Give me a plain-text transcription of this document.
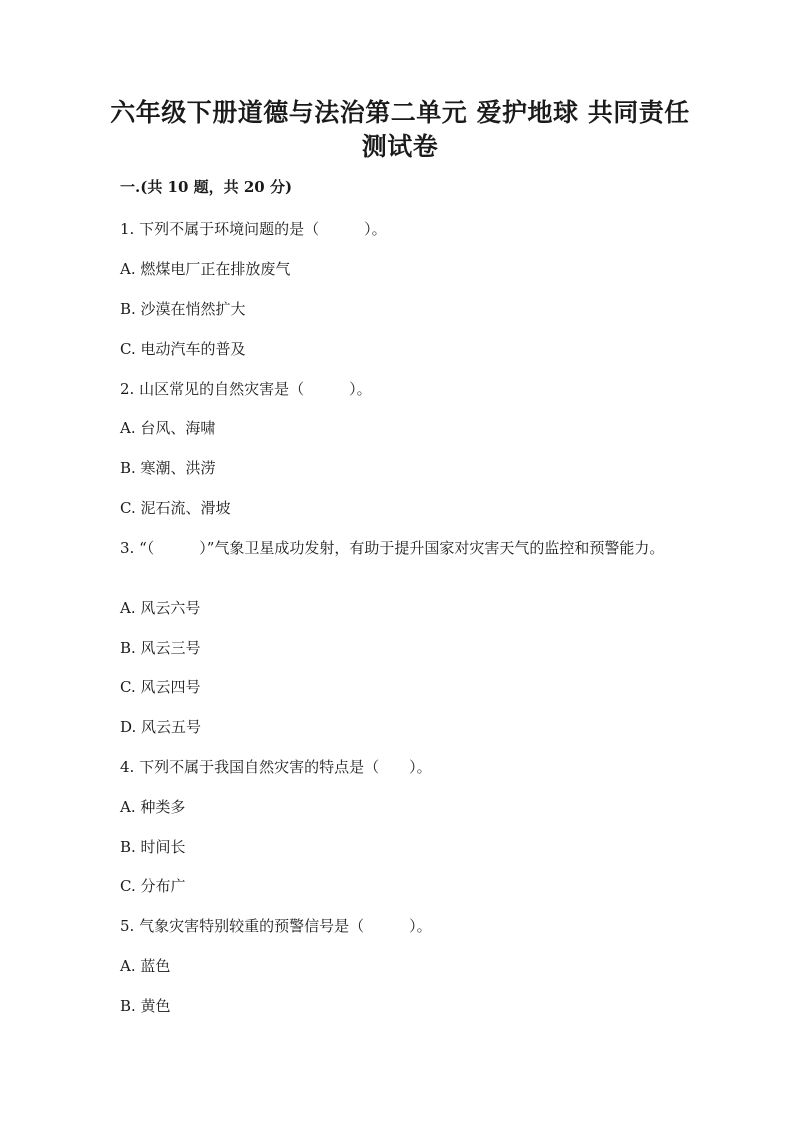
六年级下册道德与法治第二单元 爱护地球 共同责任 测试卷
一.(共 10 题，共 20 分)
1. 下列不属于环境问题的是（　　　）。
A. 燃煤电厂正在排放废气
B. 沙漠在悄然扩大
C. 电动汽车的普及
2. 山区常见的自然灾害是（　　　）。
A. 台风、海啸
B. 寒潮、洪涝
C. 泥石流、滑坡
3. “（　　　）”气象卫星成功发射，有助于提升国家对灾害天气的监控和预警能力。
A. 风云六号
B. 风云三号
C. 风云四号
D. 风云五号
4. 下列不属于我国自然灾害的特点是（　　）。
A. 种类多
B. 时间长
C. 分布广
5. 气象灾害特别较重的预警信号是（　　　）。
A. 蓝色
B. 黄色
